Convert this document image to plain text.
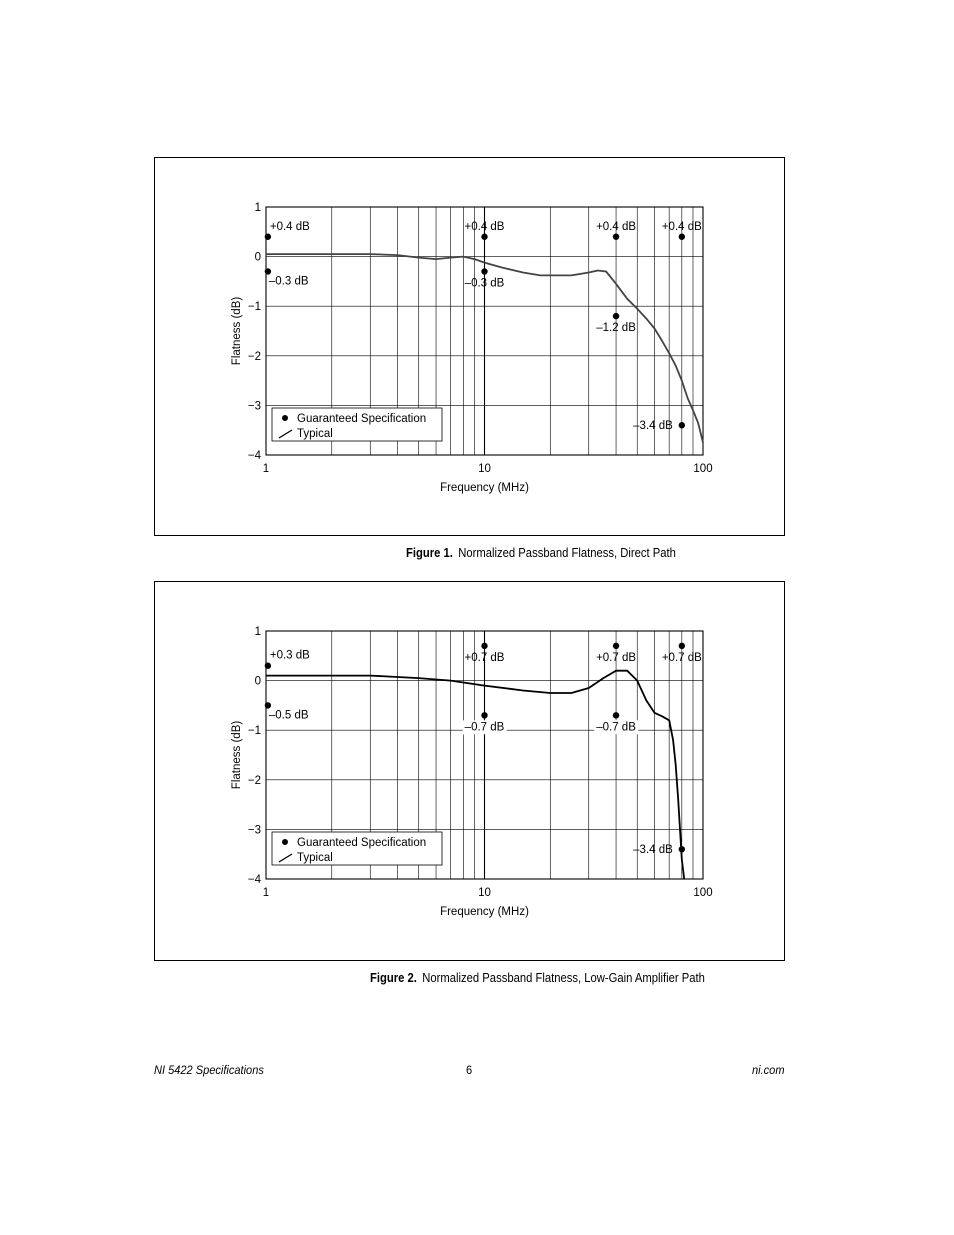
1
0
−1
−2
−3
−4
1	10	100
Frequency (MHz)
Flatness (dB)
+0.4 dB
–0.3 dB
+0.4 dB
–0.3 dB
+0.4 dB
–1.2 dB
+0.4 dB
–3.4 dB
Guaranteed Specification
Typical
Figure 1. Normalized Passband Flatness, Direct Path
1
0
−1
−2
−3
−4
1	10	100
Frequency (MHz)
Flatness (dB)
+0.3 dB
–0.5 dB
+0.7 dB
–0.7 dB
+0.7 dB
–0.7 dB
+0.7 dB
–3.4 dB
Guaranteed Specification
Typical
Figure 2. Normalized Passband Flatness, Low-Gain Amplifier Path
NI 5422 Specifications	6	ni.com
